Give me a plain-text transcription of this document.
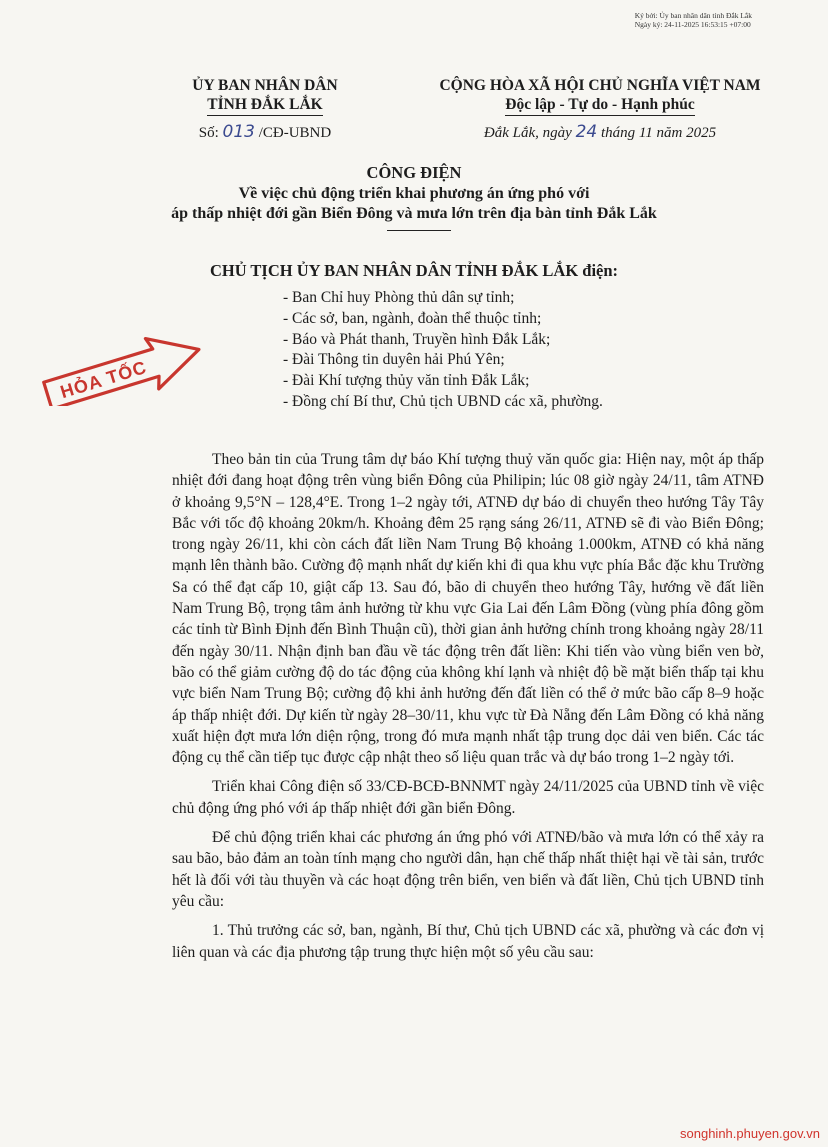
Ký bởi: Ủy ban nhân dân tỉnh Đắk Lắk
Ngày ký: 24-11-2025 16:53:15 +07:00
ỦY BAN NHÂN DÂN
TỈNH ĐẮK LẮK
CỘNG HÒA XÃ HỘI CHỦ NGHĨA VIỆT NAM
Độc lập - Tự do - Hạnh phúc
Số: 013 /CĐ-UBND	Đắk Lắk, ngày 24 tháng 11 năm 2025
CÔNG ĐIỆN
Về việc chủ động triển khai phương án ứng phó với
áp thấp nhiệt đới gần Biển Đông và mưa lớn trên địa bàn tỉnh Đắk Lắk
HỎA TỐC
CHỦ TỊCH ỦY BAN NHÂN DÂN TỈNH ĐẮK LẮK điện:
- Ban Chỉ huy Phòng thủ dân sự tỉnh;
- Các sở, ban, ngành, đoàn thể thuộc tỉnh;
- Báo và Phát thanh, Truyền hình Đắk Lắk;
- Đài Thông tin duyên hải Phú Yên;
- Đài Khí tượng thủy văn tỉnh Đắk Lắk;
- Đồng chí Bí thư, Chủ tịch UBND các xã, phường.

Theo bản tin của Trung tâm dự báo Khí tượng thuỷ văn quốc gia: Hiện nay, một áp thấp nhiệt đới đang hoạt động trên vùng biển Đông của Philipin; lúc 08 giờ ngày 24/11, tâm ATNĐ ở khoảng 9,5°N – 128,4°E. Trong 1–2 ngày tới, ATNĐ dự báo di chuyển theo hướng Tây Tây Bắc với tốc độ khoảng 20km/h. Khoảng đêm 25 rạng sáng 26/11, ATNĐ sẽ đi vào Biển Đông; trong ngày 26/11, khi còn cách đất liền Nam Trung Bộ khoảng 1.000km, ATNĐ có khả năng mạnh lên thành bão. Cường độ mạnh nhất dự kiến khi đi qua khu vực phía Bắc đặc khu Trường Sa có thể đạt cấp 10, giật cấp 13. Sau đó, bão di chuyển theo hướng Tây, hướng về đất liền Nam Trung Bộ, trọng tâm ảnh hưởng từ khu vực Gia Lai đến Lâm Đồng (vùng phía đông gồm các tỉnh từ Bình Định đến Bình Thuận cũ), thời gian ảnh hưởng chính trong khoảng ngày 28/11 đến ngày 30/11. Nhận định ban đầu về tác động trên đất liền: Khi tiến vào vùng biển ven bờ, bão có thể giảm cường độ do tác động của không khí lạnh và nhiệt độ bề mặt biển thấp tại khu vực biển Nam Trung Bộ; cường độ khi ảnh hưởng đến đất liền có thể ở mức bão cấp 8–9 hoặc áp thấp nhiệt đới. Dự kiến từ ngày 28–30/11, khu vực từ Đà Nẵng đến Lâm Đồng có khả năng xuất hiện đợt mưa lớn diện rộng, trong đó mưa mạnh nhất tập trung dọc dải ven biển. Các tác động cụ thể cần tiếp tục được cập nhật theo số liệu quan trắc và dự báo trong 1–2 ngày tới.

Triển khai Công điện số 33/CĐ-BCĐ-BNNMT ngày 24/11/2025 của UBND tỉnh về việc chủ động ứng phó với áp thấp nhiệt đới gần biển Đông.

Để chủ động triển khai các phương án ứng phó với ATNĐ/bão và mưa lớn có thể xảy ra sau bão, bảo đảm an toàn tính mạng cho người dân, hạn chế thấp nhất thiệt hại về tài sản, trước hết là đối với tàu thuyền và các hoạt động trên biển, ven biển và đất liền, Chủ tịch UBND tỉnh yêu cầu:

1. Thủ trưởng các sở, ban, ngành, Bí thư, Chủ tịch UBND các xã, phường và các đơn vị liên quan và các địa phương tập trung thực hiện một số yêu cầu sau:

songhinh.phuyen.gov.vn
